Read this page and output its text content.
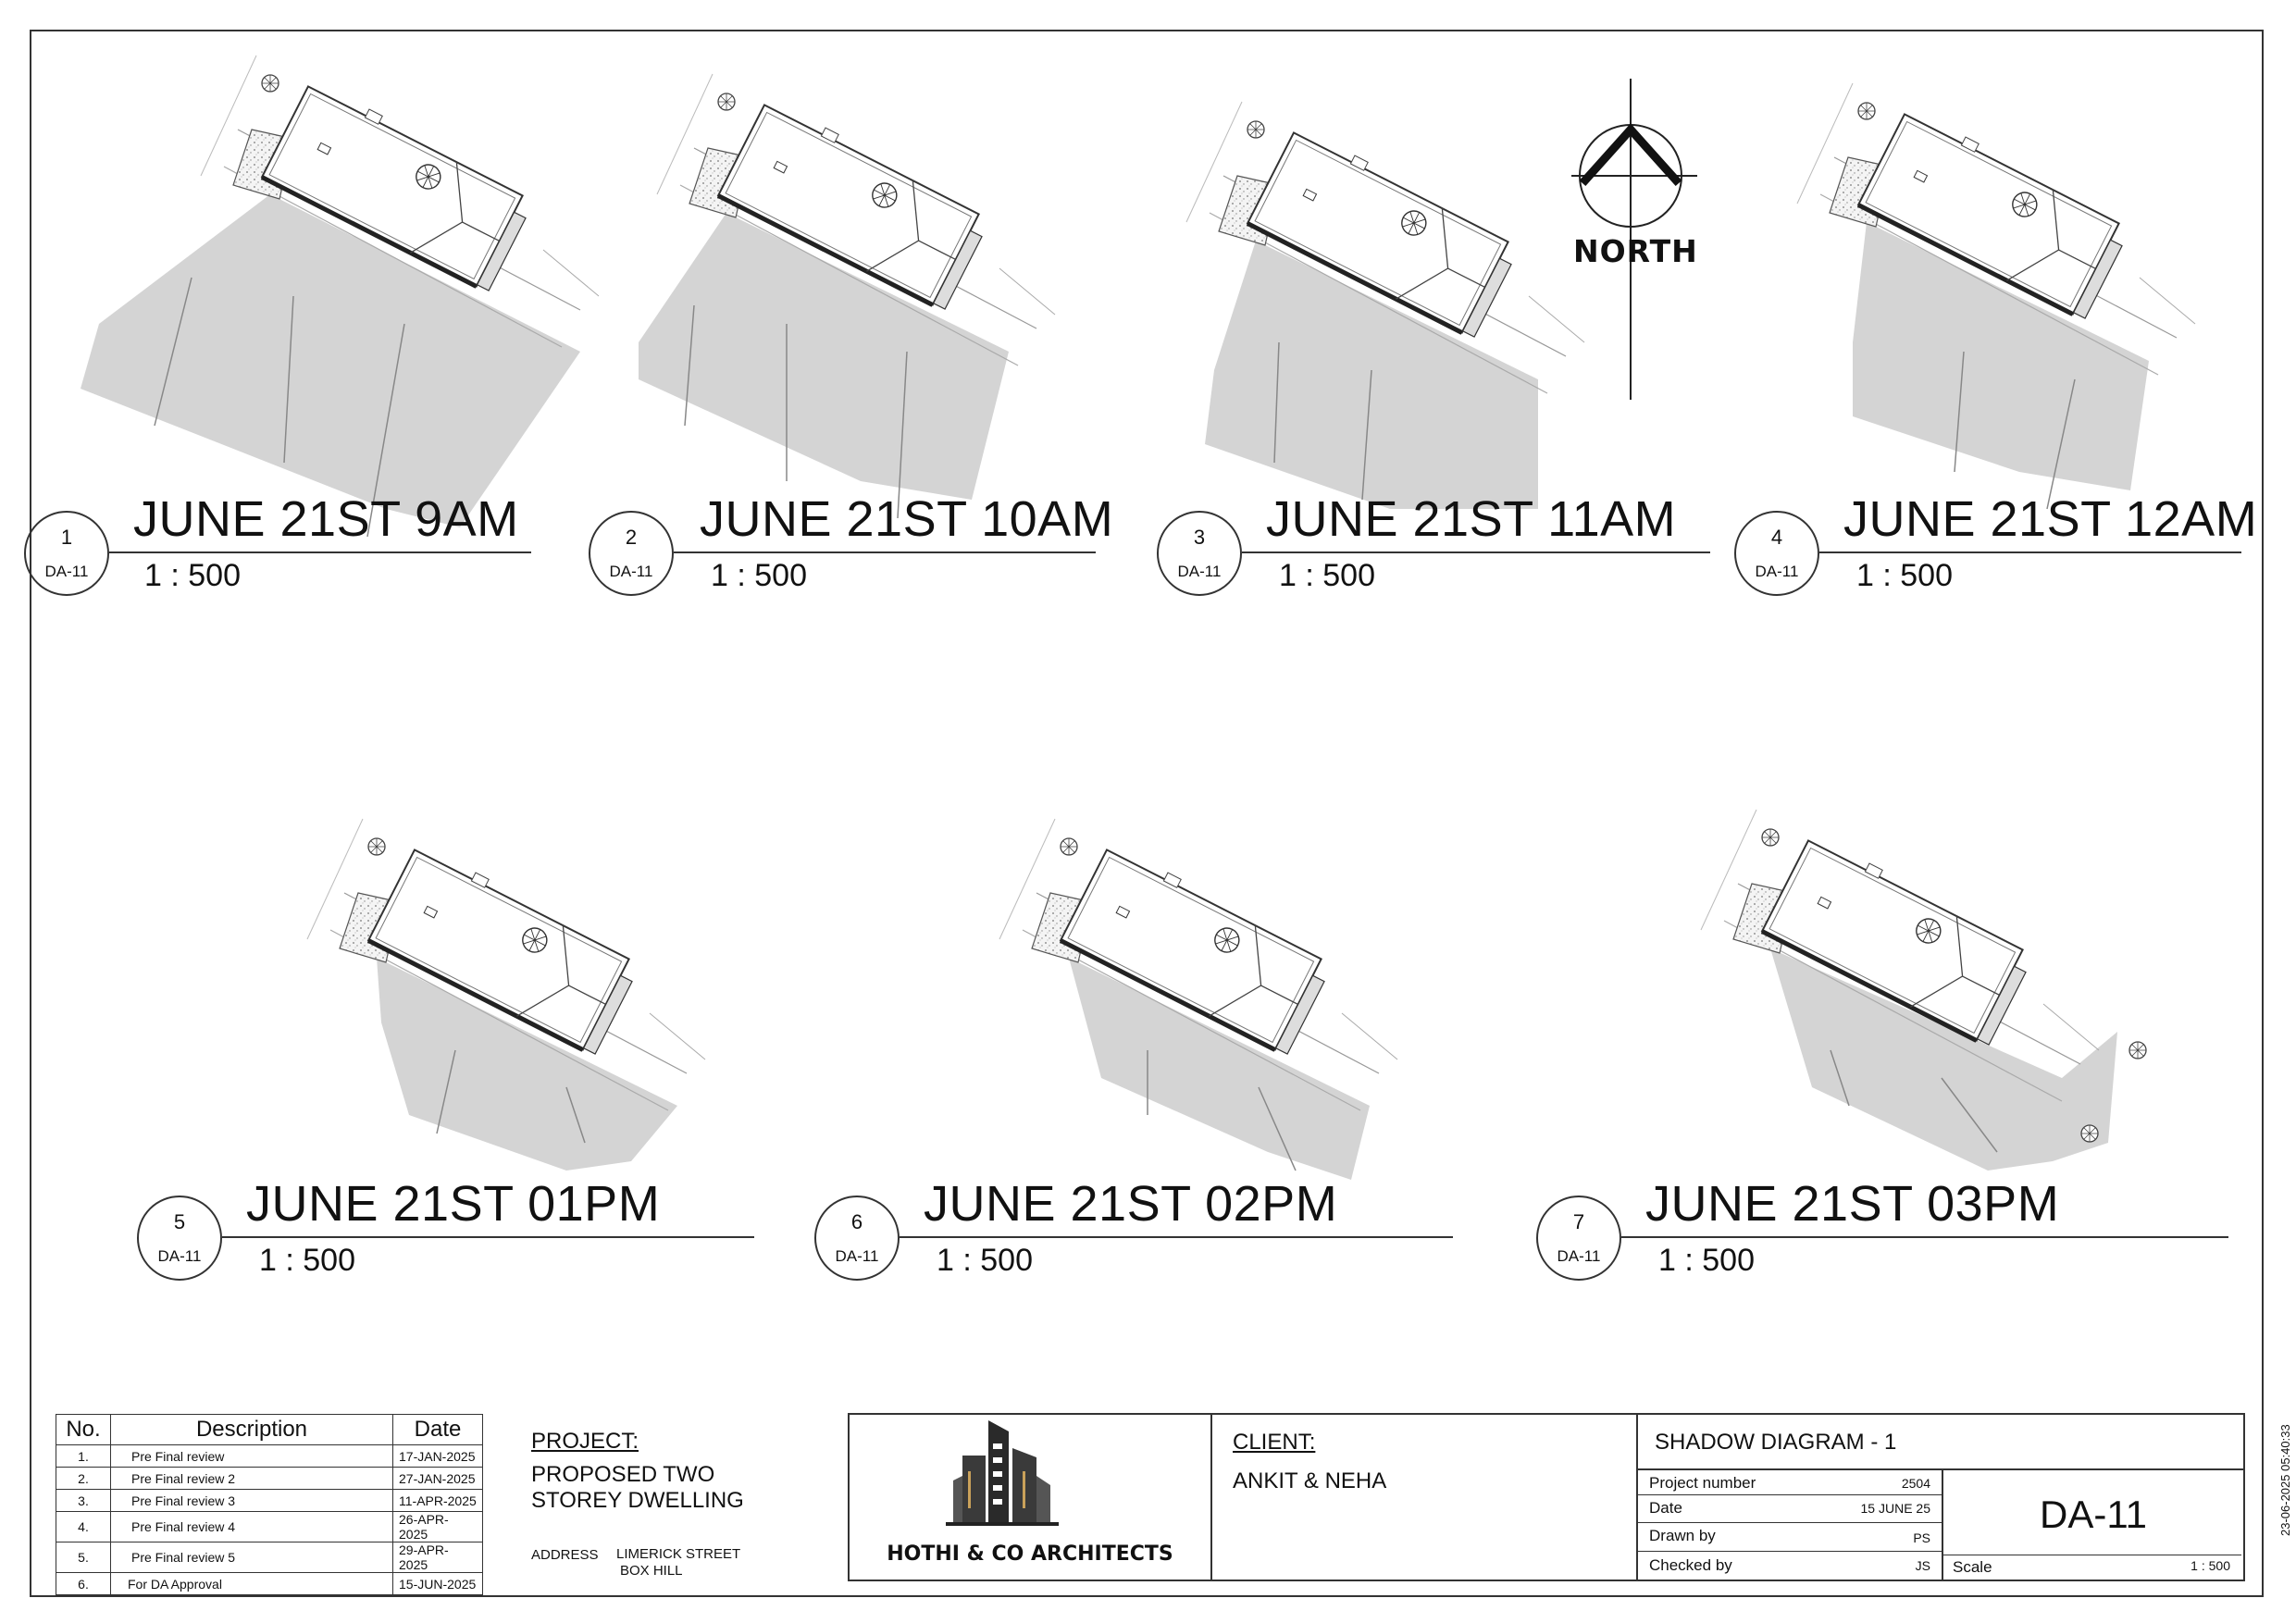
NORTH
1
DA-11
JUNE 21ST 9AM
1 : 500
2
DA-11
JUNE 21ST 10AM
1 : 500
3
DA-11
JUNE 21ST 11AM
1 : 500
4
DA-11
JUNE 21ST 12AM
1 : 500
5
DA-11
JUNE 21ST 01PM
1 : 500
6
DA-11
JUNE 21ST 02PM
1 : 500
7
DA-11
JUNE 21ST 03PM
1 : 500
No.	Description	Date
1.	Pre Final review	17-JAN-2025
2.	Pre Final review 2	27-JAN-2025
3.	Pre Final review 3	11-APR-2025
4.	Pre Final review 4	26-APR-2025
5.	Pre Final review 5	29-APR-2025
6.	For DA Approval	15-JUN-2025
PROJECT:
PROPOSED TWO
STOREY DWELLING
ADDRESS LIMERICK STREET
BOX HILL
HOTHI & CO ARCHITECTS
CLIENT:
ANKIT & NEHA
SHADOW DIAGRAM - 1
Project number	2504
Date	15 JUNE 25
Drawn by	PS
Checked by	JS
DA-11
Scale	1 : 500
23-06-2025 05:40:33
